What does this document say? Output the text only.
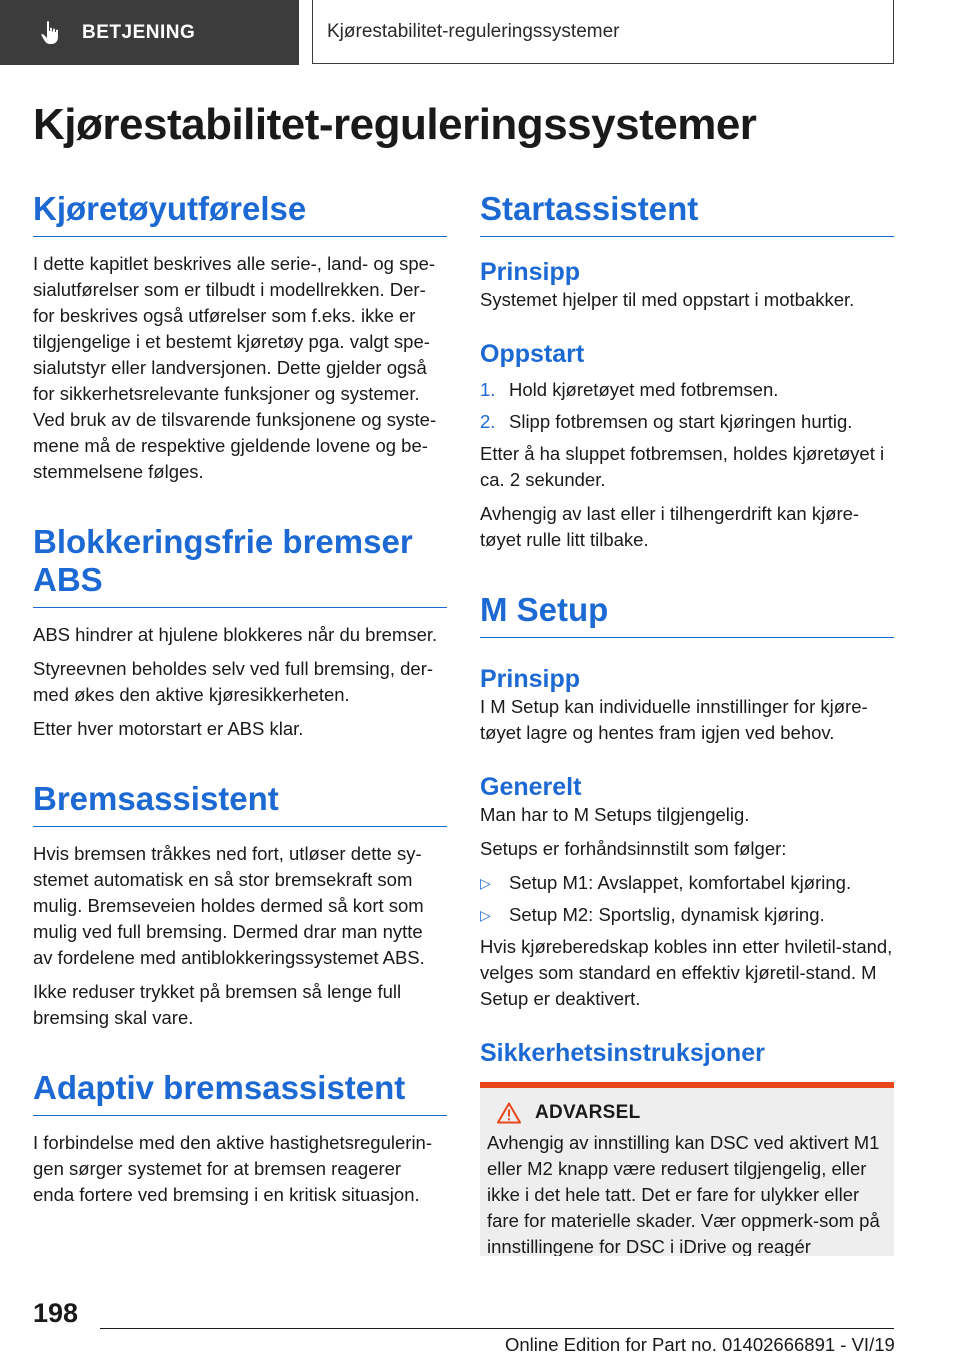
BETJENING	Kjørestabilitet-reguleringssystemer
Kjørestabilitet-reguleringssystemer
Kjøretøyutførelse

I dette kapitlet beskrives alle serie-, land- og spe-sialutførelser som er tilbudt i modellrekken. Der-for beskrives også utførelser som f.eks. ikke er tilgjengelige i et bestemt kjøretøy pga. valgt spe-sialutstyr eller landversjonen. Dette gjelder også for sikkerhetsrelevante funksjoner og systemer. Ved bruk av de tilsvarende funksjonene og syste-mene må de respektive gjeldende lovene og be-stemmelsene følges.

Blokkeringsfrie bremser ABS

ABS hindrer at hjulene blokkeres når du bremser.

Styreevnen beholdes selv ved full bremsing, der-med økes den aktive kjøresikkerheten.

Etter hver motorstart er ABS klar.

Bremsassistent

Hvis bremsen tråkkes ned fort, utløser dette sy-stemet automatisk en så stor bremsekraft som mulig. Bremseveien holdes dermed så kort som mulig ved full bremsing. Dermed drar man nytte av fordelene med antiblokkeringssystemet ABS.

Ikke reduser trykket på bremsen så lenge full bremsing skal vare.

Adaptiv bremsassistent

I forbindelse med den aktive hastighetsregulerin-gen sørger systemet for at bremsen reagerer enda fortere ved bremsing i en kritisk situasjon.

Startassistent
Prinsipp

Systemet hjelper til med oppstart i motbakker.

Oppstart
1. Hold kjøretøyet med fotbremsen.
2. Slipp fotbremsen og start kjøringen hurtig.

Etter å ha sluppet fotbremsen, holdes kjøretøyet i ca. 2 sekunder.

Avhengig av last eller i tilhengerdrift kan kjøre-tøyet rulle litt tilbake.

M Setup
Prinsipp

I M Setup kan individuelle innstillinger for kjøre-tøyet lagre og hentes fram igjen ved behov.

Generelt

Man har to M Setups tilgjengelig.

Setups er forhåndsinnstilt som følger:

▷ Setup M1: Avslappet, komfortabel kjøring.
▷ Setup M2: Sportslig, dynamisk kjøring.

Hvis kjøreberedskap kobles inn etter hviletil-stand, velges som standard en effektiv kjøretil-stand. M Setup er deaktivert.

Sikkerhetsinstruksjoner
ADVARSEL

Avhengig av innstilling kan DSC ved aktivert M1 eller M2 knapp være redusert tilgjengelig, eller ikke i det hele tatt. Det er fare for ulykker eller fare for materielle skader. Vær oppmerk-som på innstillingene for DSC i iDrive og reagér

198
Online Edition for Part no. 01402666891 - VI/19
